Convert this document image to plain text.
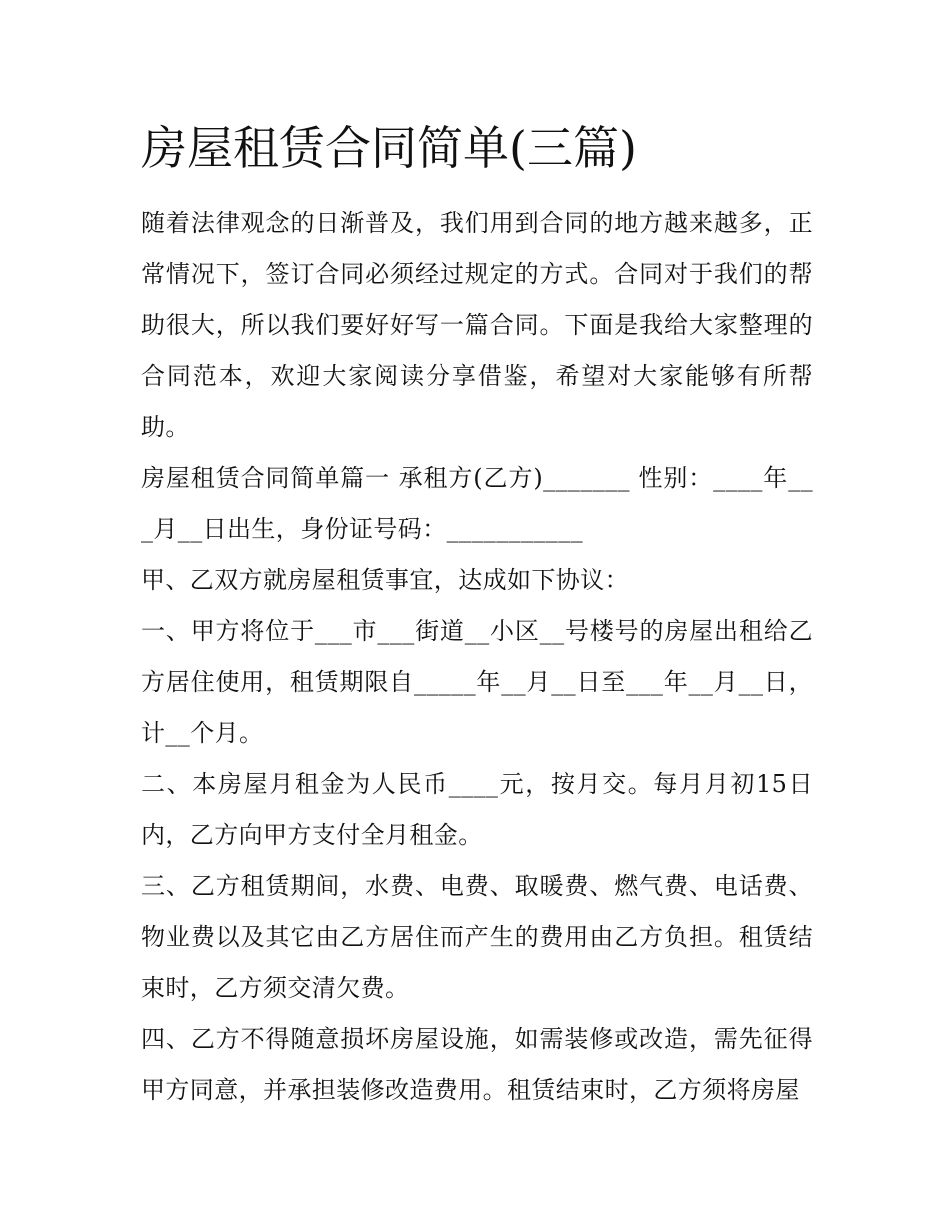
房屋租赁合同简单(三篇)

随着法律观念的日渐普及，我们用到合同的地方越来越多，正常情况下，签订合同必须经过规定的方式。合同对于我们的帮助很大，所以我们要好好写一篇合同。下面是我给大家整理的合同范本，欢迎大家阅读分享借鉴，希望对大家能够有所帮助。

房屋租赁合同简单篇一 承租方(乙方)_______ 性别：____年___月__日出生，身份证号码：___________

甲、乙双方就房屋租赁事宜，达成如下协议：

一、甲方将位于___市___街道__小区__号楼号的房屋出租给乙方居住使用，租赁期限自_____年__月__日至___年__月__日，计__个月。

二、本房屋月租金为人民币____元，按月交。每月月初15日内，乙方向甲方支付全月租金。

三、乙方租赁期间，水费、电费、取暖费、燃气费、电话费、物业费以及其它由乙方居住而产生的费用由乙方负担。租赁结束时，乙方须交清欠费。

四、乙方不得随意损坏房屋设施，如需装修或改造，需先征得甲方同意，并承担装修改造费用。租赁结束时，乙方须将房屋
